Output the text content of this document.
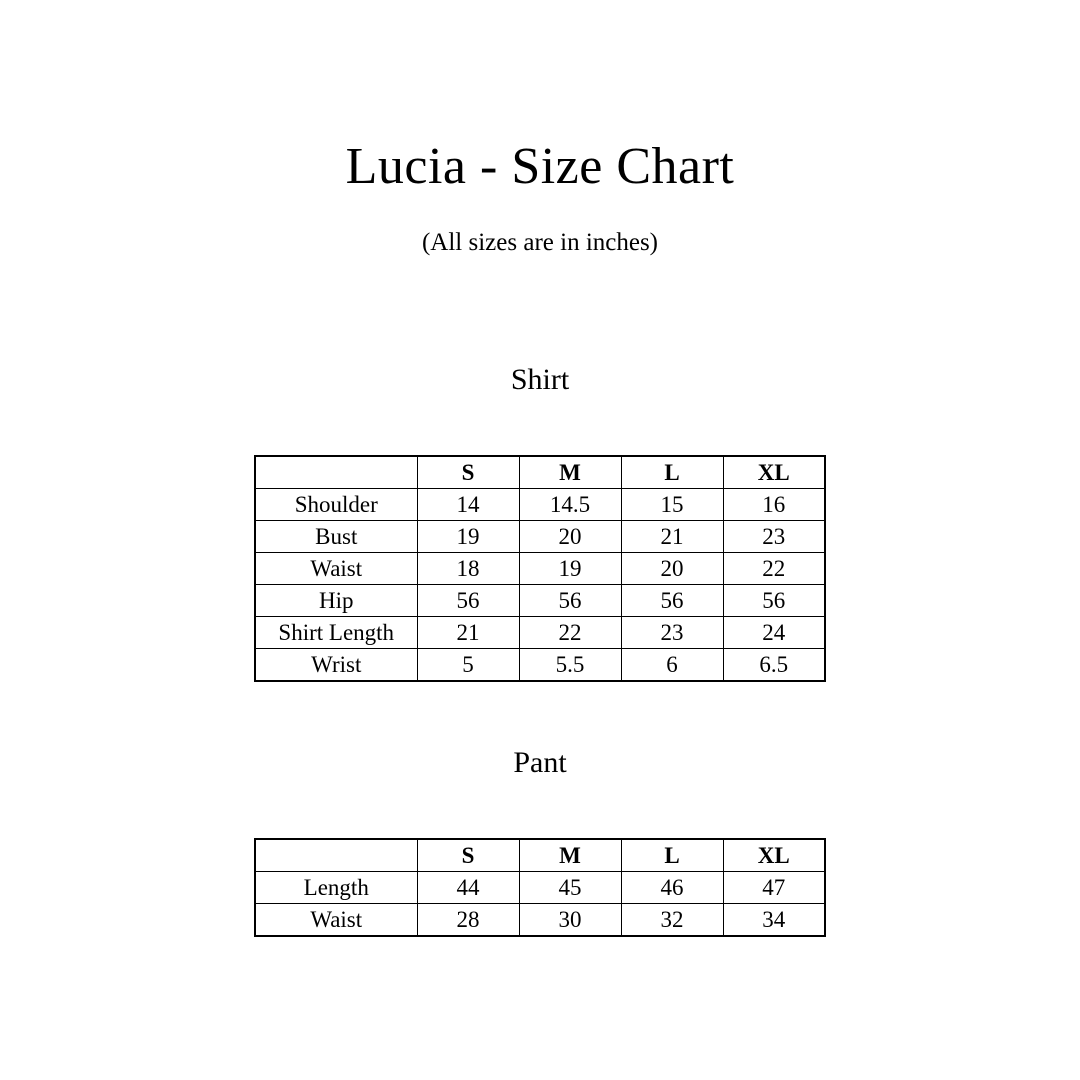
Lucia - Size Chart
(All sizes are in inches)
Shirt
	S	M	L	XL
Shoulder	14	14.5	15	16
Bust	19	20	21	23
Waist	18	19	20	22
Hip	56	56	56	56
Shirt Length	21	22	23	24
Wrist	5	5.5	6	6.5
Pant
	S	M	L	XL
Length	44	45	46	47
Waist	28	30	32	34
